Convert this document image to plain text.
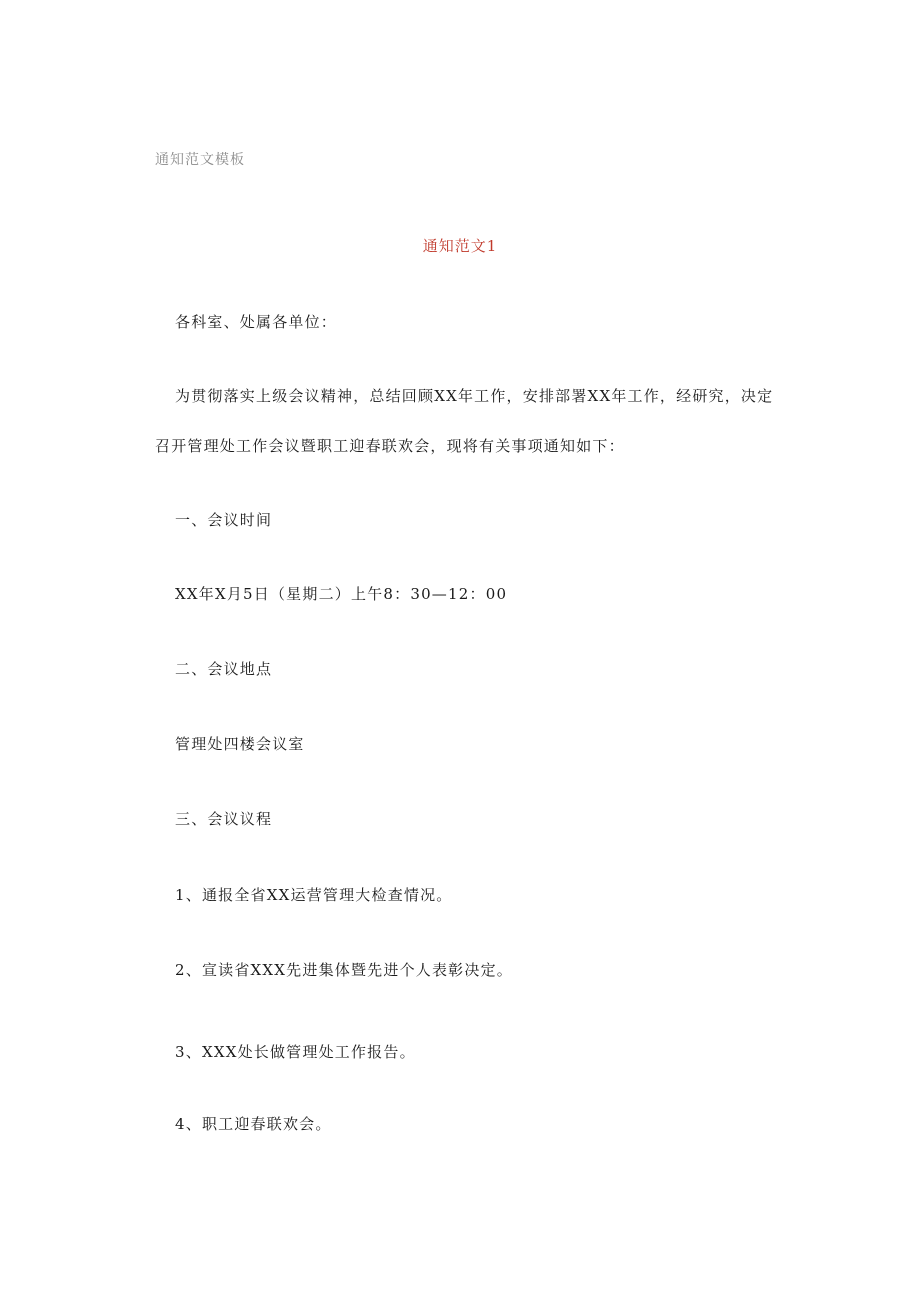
通知范文模板
通知范文1
各科室、处属各单位：
为贯彻落实上级会议精神，总结回顾XX年工作，安排部署XX年工作，经研究，决定
召开管理处工作会议暨职工迎春联欢会，现将有关事项通知如下：
一、会议时间
XX年X月5日（星期二）上午8：30—12：00
二、会议地点
管理处四楼会议室
三、会议议程
1、通报全省XX运营管理大检查情况。
2、宣读省XXX先进集体暨先进个人表彰决定。
3、XXX处长做管理处工作报告。
4、职工迎春联欢会。
